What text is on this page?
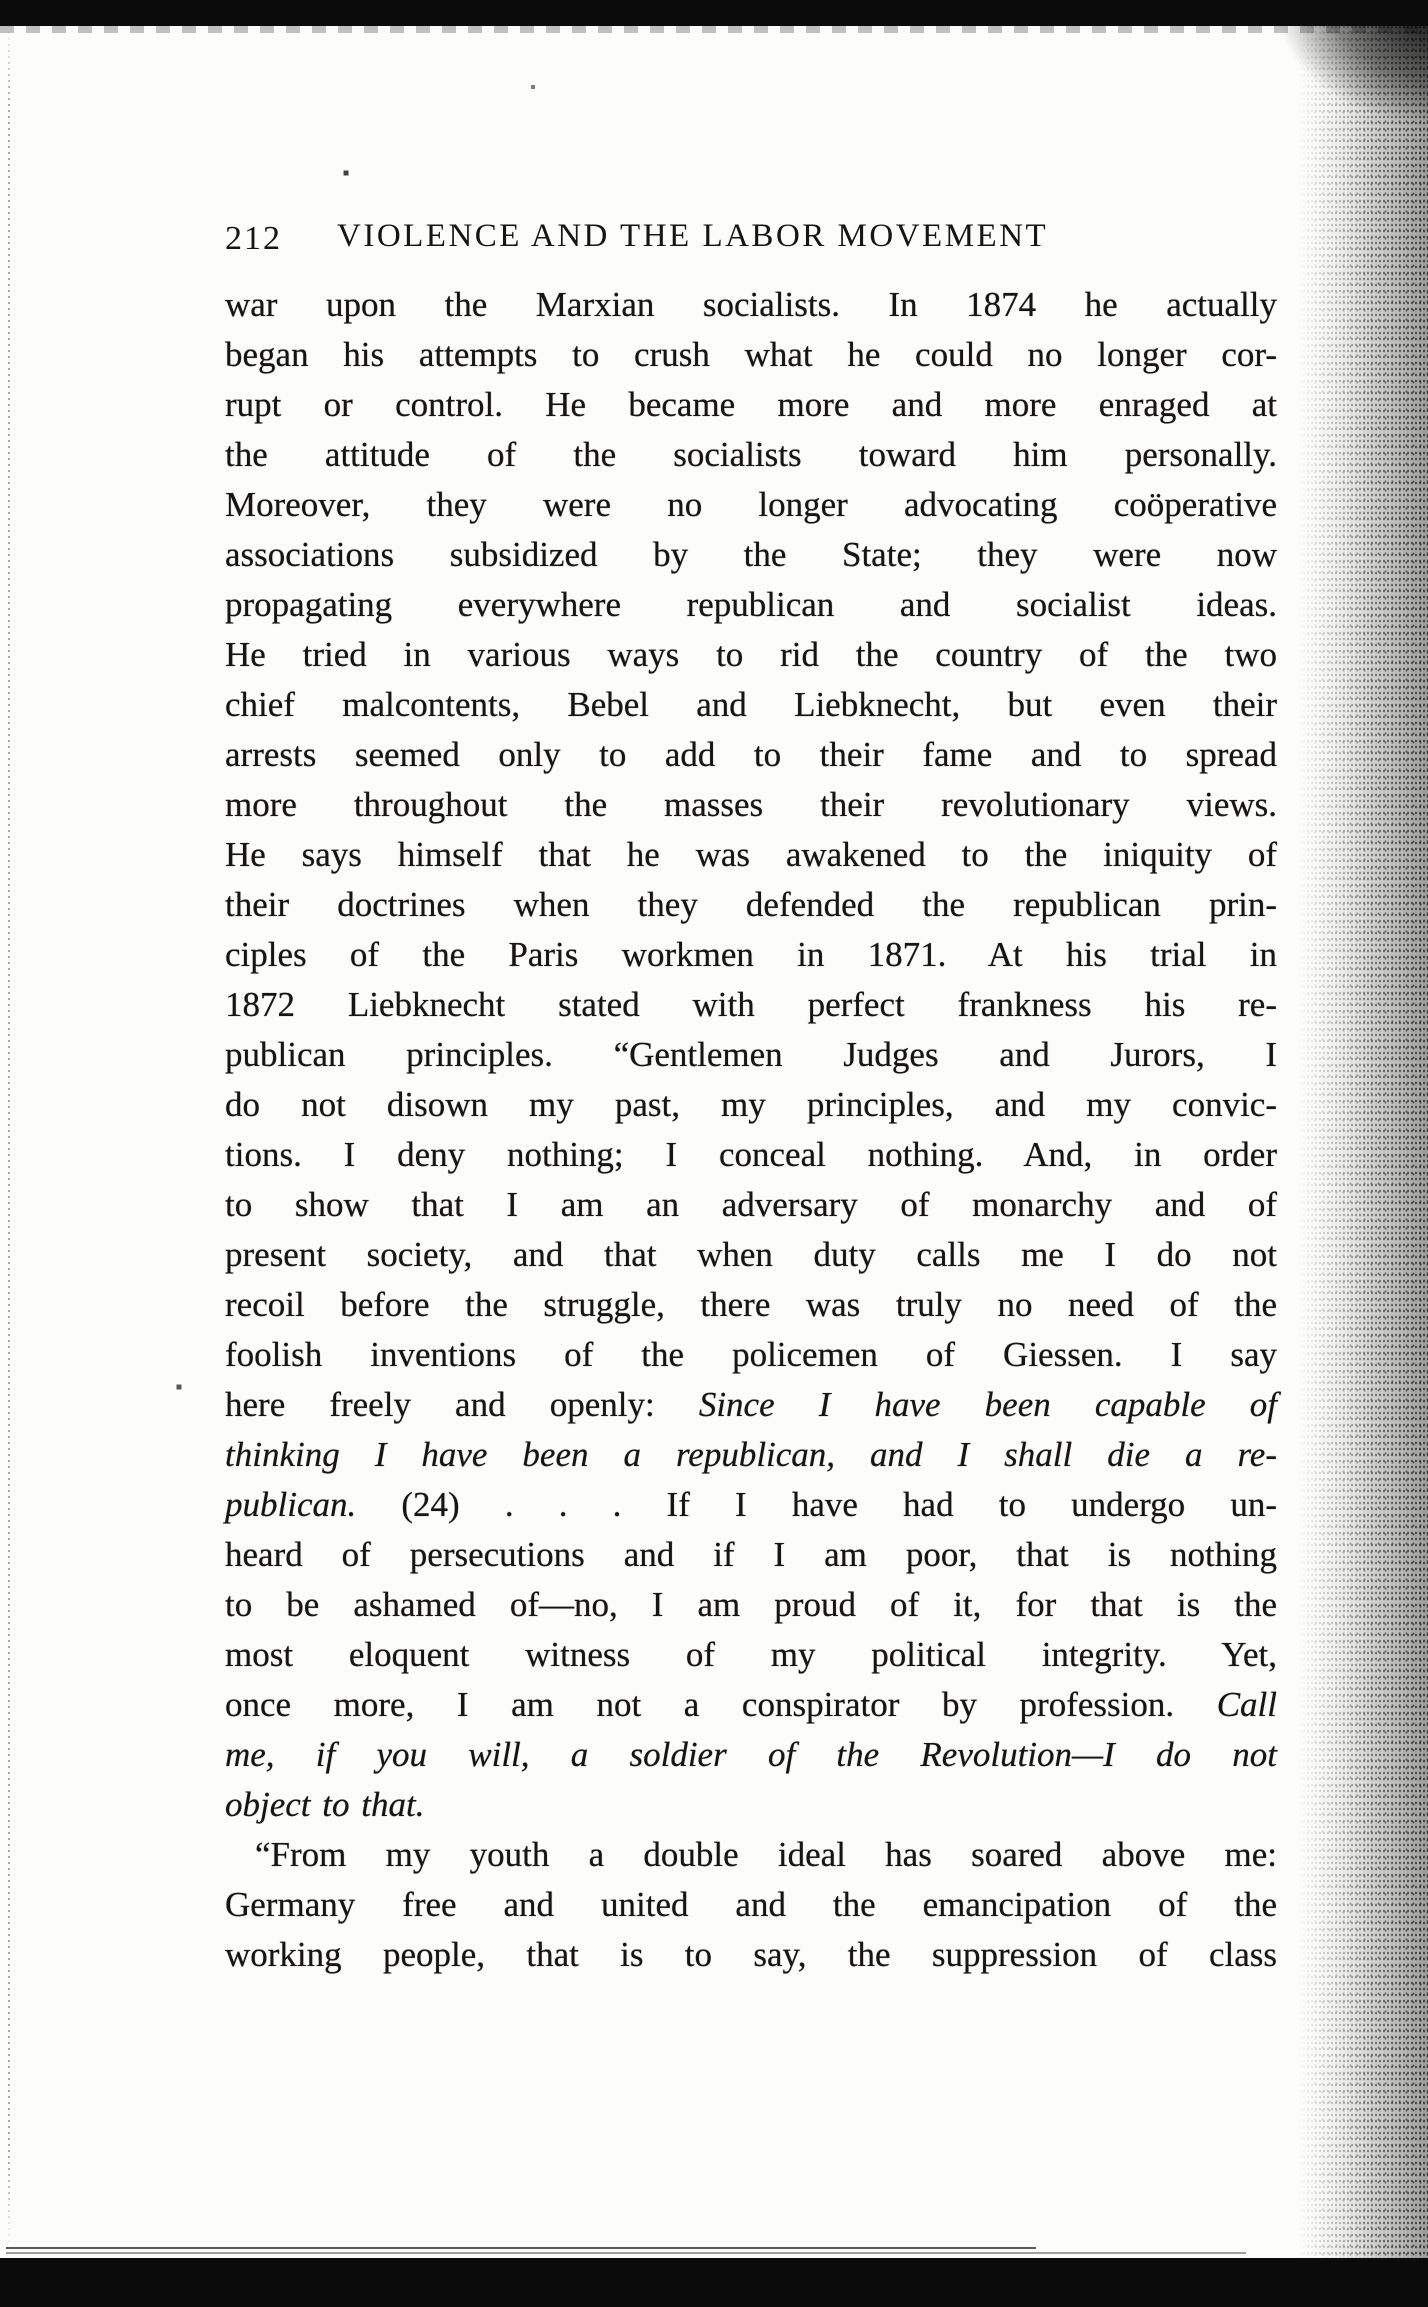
212 VIOLENCE AND THE LABOR MOVEMENT
war upon the Marxian socialists. In 1874 he actually
began his attempts to crush what he could no longer cor-
rupt or control. He became more and more enraged at
the attitude of the socialists toward him personally.
Moreover, they were no longer advocating coöperative
associations subsidized by the State; they were now
propagating everywhere republican and socialist ideas.
He tried in various ways to rid the country of the two
chief malcontents, Bebel and Liebknecht, but even their
arrests seemed only to add to their fame and to spread
more throughout the masses their revolutionary views.
He says himself that he was awakened to the iniquity of
their doctrines when they defended the republican prin-
ciples of the Paris workmen in 1871. At his trial in
1872 Liebknecht stated with perfect frankness his re-
publican principles. “Gentlemen Judges and Jurors, I
do not disown my past, my principles, and my convic-
tions. I deny nothing; I conceal nothing. And, in order
to show that I am an adversary of monarchy and of
present society, and that when duty calls me I do not
recoil before the struggle, there was truly no need of the
foolish inventions of the policemen of Giessen. I say
here freely and openly: Since I have been capable of
thinking I have been a republican, and I shall die a re-
publican. (24) . . . If I have had to undergo un-
heard of persecutions and if I am poor, that is nothing
to be ashamed of—no, I am proud of it, for that is the
most eloquent witness of my political integrity. Yet,
once more, I am not a conspirator by profession. Call
me, if you will, a soldier of the Revolution—I do not
object to that.
“From my youth a double ideal has soared above me:
Germany free and united and the emancipation of the
working people, that is to say, the suppression of class
